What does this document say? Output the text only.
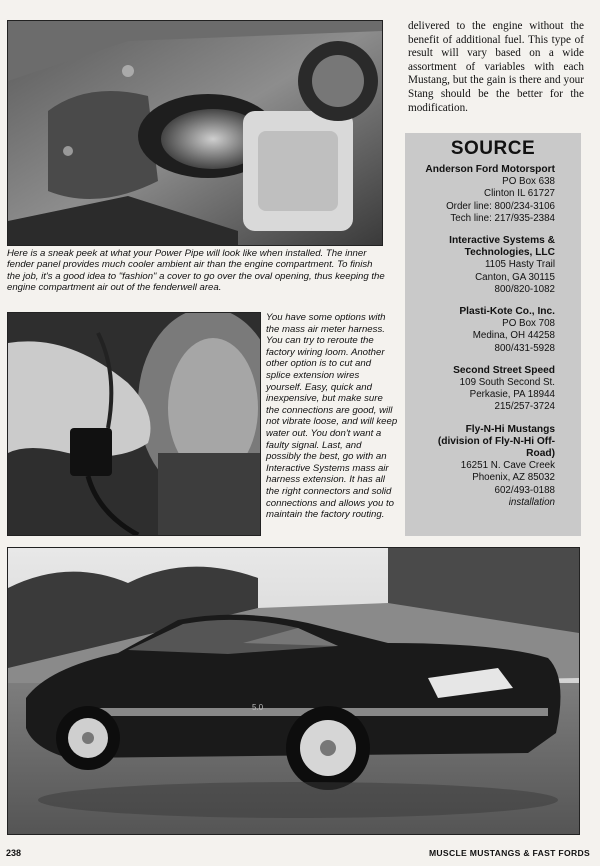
Here is a sneak peek at what your Power Pipe will look like when installed. The inner fender panel provides much cooler ambient air than the engine compartment. To finish the job, it's a good idea to "fashion" a cover to go over the oval opening, thus keeping the engine compartment air out of the fenderwell area.

You have some options with the mass air meter harness. You can try to reroute the factory wiring loom. Another other option is to cut and splice extension wires yourself. Easy, quick and inexpensive, but make sure the connections are good, will not vibrate loose, and will keep water out. You don't want a faulty signal. Last, and possibly the best, go with an Interactive Systems mass air harness extension. It has all the right connectors and solid connections and allows you to maintain the factory routing.

delivered to the engine without the benefit of additional fuel. This type of result will vary based on a wide assortment of variables with each Mustang, but the gain is there and your Stang should be the better for the modification.

SOURCE
Anderson Ford Motorsport
PO Box 638
Clinton IL 61727
Order line: 800/234-3106
Tech line: 217/935-2384
Interactive Systems & Technologies, LLC
1105 Hasty Trail
Canton, GA 30115
800/820-1082
Plasti-Kote Co., Inc.
PO Box 708
Medina, OH 44258
800/431-5928
Second Street Speed
109 South Second St.
Perkasie, PA 18944
215/257-3724
Fly-N-Hi Mustangs (division of Fly-N-Hi Off-Road)
16251 N. Cave Creek
Phoenix, AZ 85032
602/493-0188
installation
5.0
238	MUSCLE MUSTANGS & FAST FORDS
